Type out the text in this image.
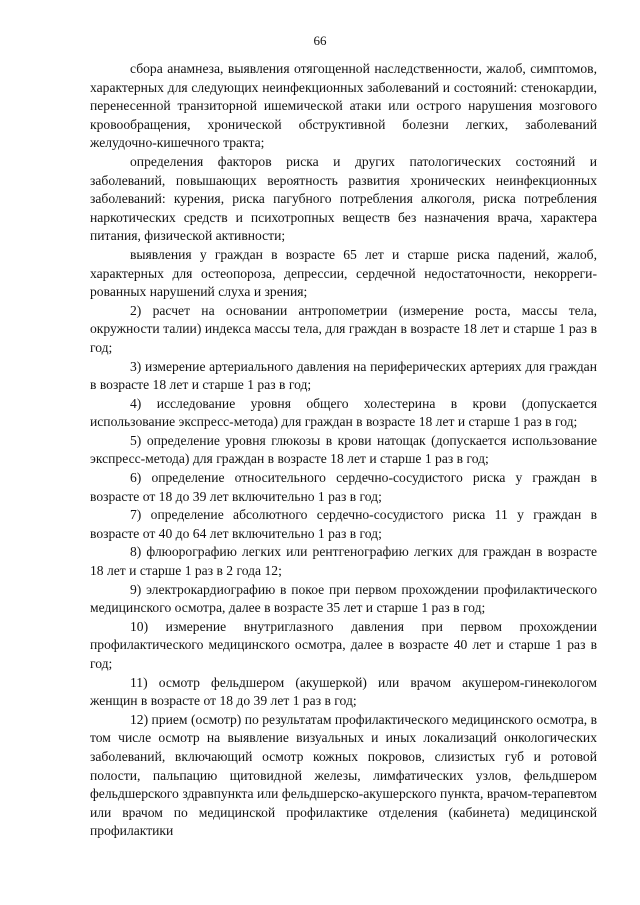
66

сбора анамнеза, выявления отягощенной наследственности, жалоб, симптомов, характерных для следующих неинфекционных заболеваний и состояний: стенокардии, перенесенной транзиторной ишемической атаки или острого нарушения мозгового кровообращения, хронической обструктивной болезни легких, заболеваний желудочно-кишечного тракта;

определения факторов риска и других патологических состояний и заболеваний, повышающих вероятность развития хронических неинфекционных заболеваний: курения, риска пагубного потребления алкоголя, риска потребления наркотических средств и психотропных веществ без назначения врача, характера питания, физической активности;

выявления у граждан в возрасте 65 лет и старше риска падений, жалоб, характерных для остеопороза, депрессии, сердечной недостаточности, некоррегированных нарушений слуха и зрения;

2) расчет на основании антропометрии (измерение роста, массы тела, окружности талии) индекса массы тела, для граждан в возрасте 18 лет и старше 1 раз в год;

3) измерение артериального давления на периферических артериях для граждан в возрасте 18 лет и старше 1 раз в год;

4) исследование уровня общего холестерина в крови (допускается использование экспресс-метода) для граждан в возрасте 18 лет и старше 1 раз в год;

5) определение уровня глюкозы в крови натощак (допускается использование экспресс-метода) для граждан в возрасте 18 лет и старше 1 раз в год;

6) определение относительного сердечно-сосудистого риска у граждан в возрасте от 18 до 39 лет включительно 1 раз в год;

7) определение абсолютного сердечно-сосудистого риска 11 у граждан в возрасте от 40 до 64 лет включительно 1 раз в год;

8) флюорографию легких или рентгенографию легких для граждан в возрасте 18 лет и старше 1 раз в 2 года 12;

9) электрокардиографию в покое при первом прохождении профилактического медицинского осмотра, далее в возрасте 35 лет и старше 1 раз в год;

10) измерение внутриглазного давления при первом прохождении профилактического медицинского осмотра, далее в возрасте 40 лет и старше 1 раз в год;

11) осмотр фельдшером (акушеркой) или врачом акушером-гинекологом женщин в возрасте от 18 до 39 лет 1 раз в год;

12) прием (осмотр) по результатам профилактического медицинского осмотра, в том числе осмотр на выявление визуальных и иных локализаций онкологических заболеваний, включающий осмотр кожных покровов, слизистых губ и ротовой полости, пальпацию щитовидной железы, лимфатических узлов, фельдшером фельдшерского здравпункта или фельдшерско-акушерского пункта, врачом-терапевтом или врачом по медицинской профилактике отделения (кабинета) медицинской профилактики
